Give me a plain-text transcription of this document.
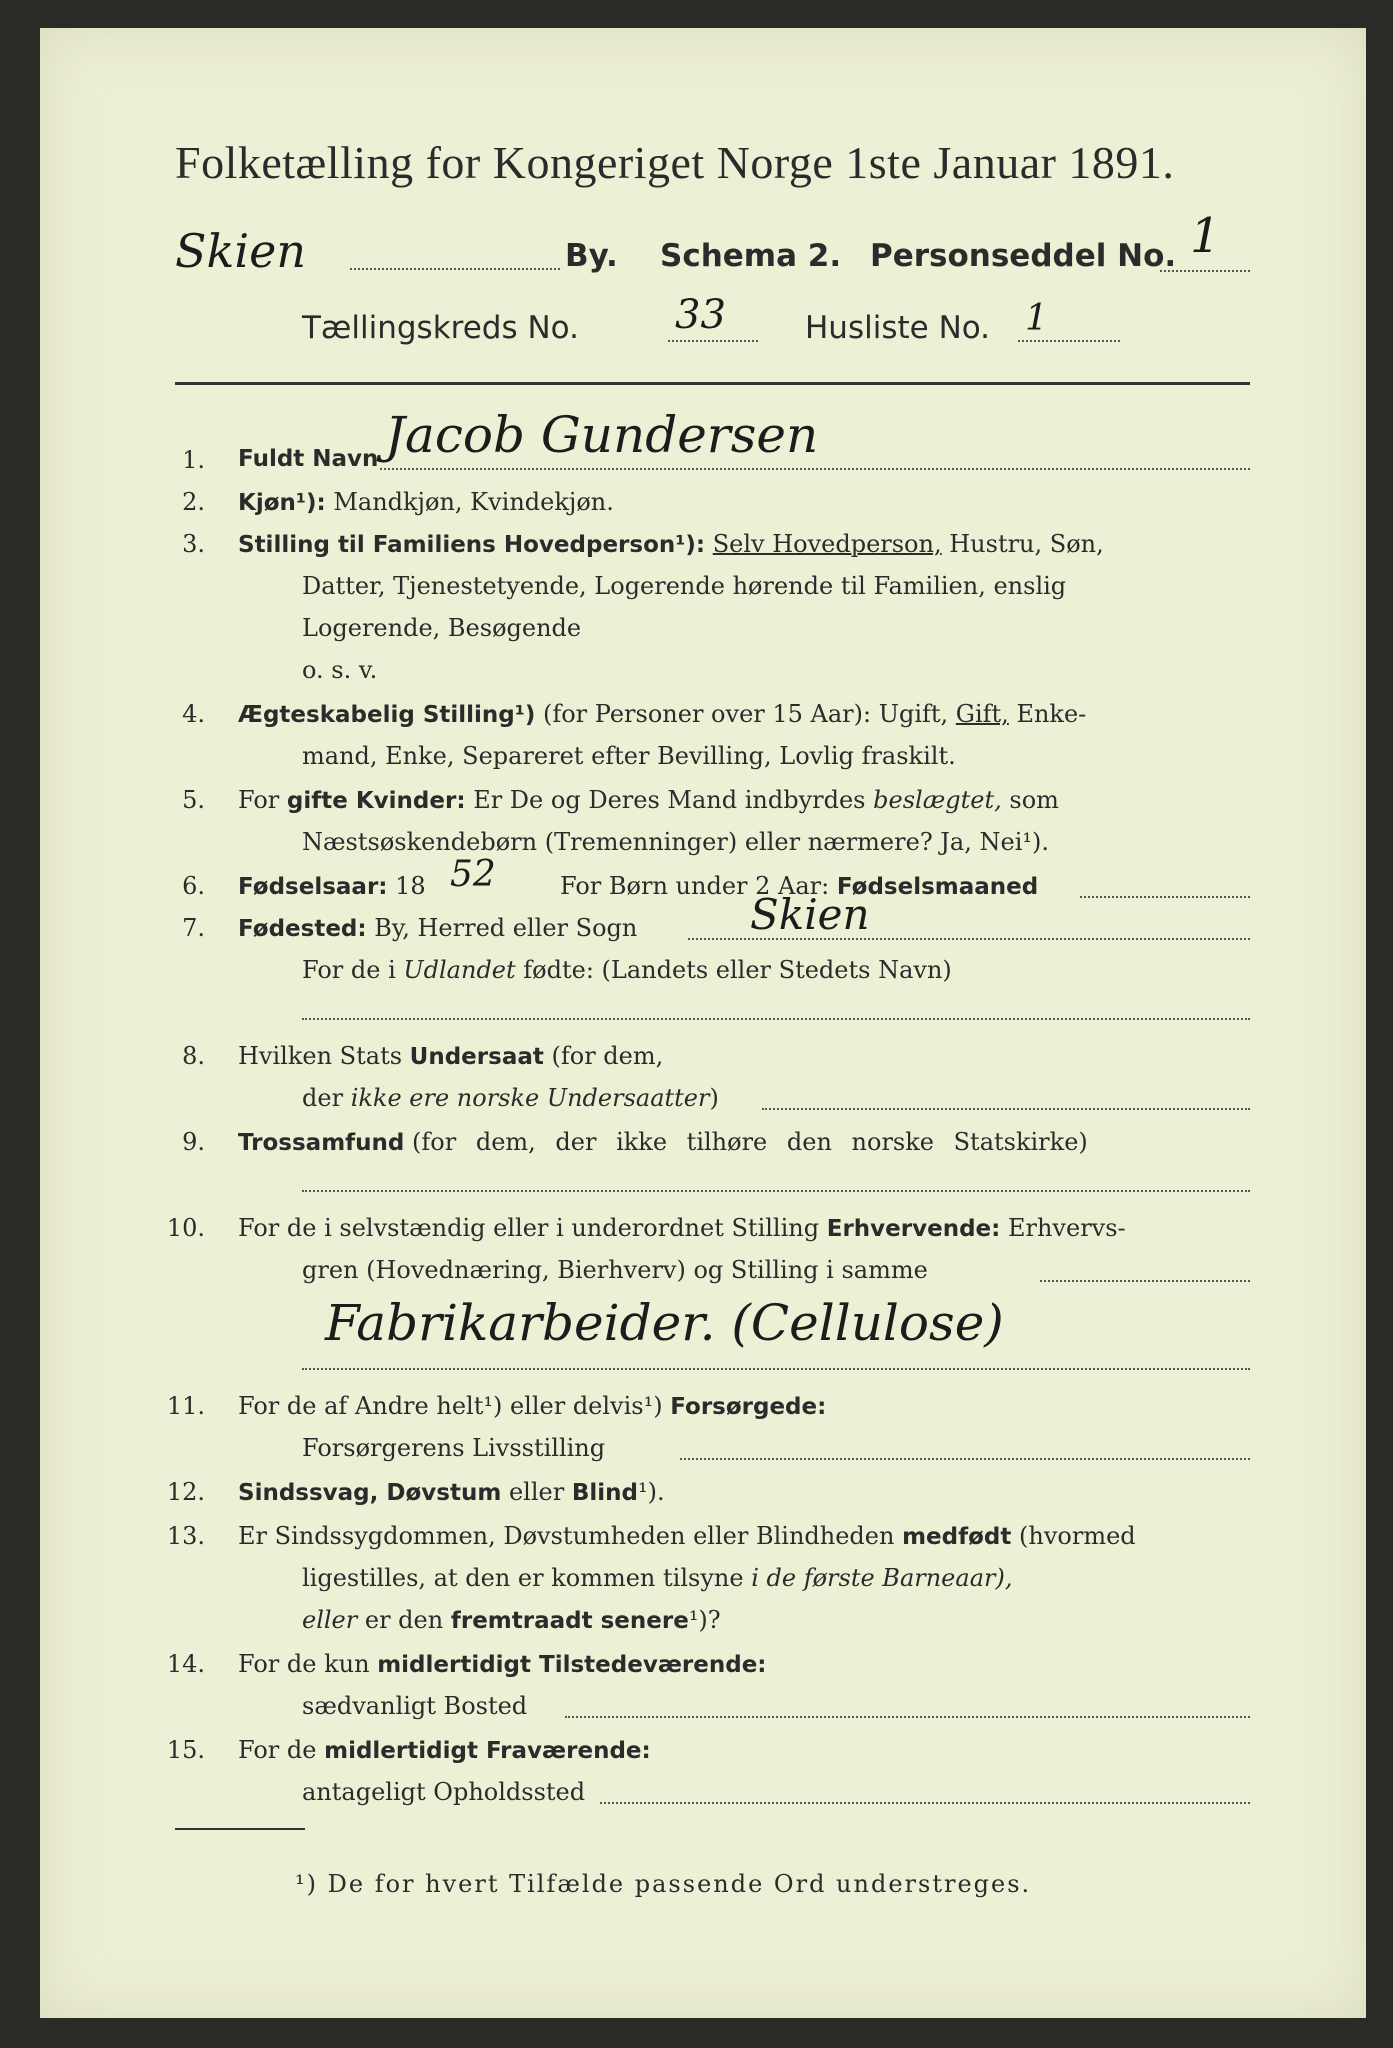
Folketælling for Kongeriget Norge 1ste Januar 1891.
Skien	By. Schema 2. Personseddel No. 1
Tællingskreds No. 33	Husliste No. 1
1. Fuldt Navn Jacob Gundersen
2. Kjøn¹): Mandkjøn, Kvindekjøn.
3. Stilling til Familiens Hovedperson¹): Selv Hovedperson, Hustru, Søn,
Datter, Tjenestetyende, Logerende hørende til Familien, enslig
Logerende, Besøgende
o. s. v.
4. Ægteskabelig Stilling¹) (for Personer over 15 Aar): Ugift, Gift, Enke-
mand, Enke, Separeret efter Bevilling, Lovlig fraskilt.
5. For gifte Kvinder: Er De og Deres Mand indbyrdes beslægtet, som
Næstsøskendebørn (Tremenninger) eller nærmere? Ja, Nei¹).
6. Fødselsaar: 18 52	For Børn under 2 Aar: Fødselsmaaned
7. Fødested: By, Herred eller Sogn	Skien
For de i Udlandet fødte: (Landets eller Stedets Navn)
8. Hvilken Stats Undersaat (for dem,
der ikke ere norske Undersaatter)
9. Trossamfund (for dem, der ikke tilhøre den norske Statskirke)
10. For de i selvstændig eller i underordnet Stilling Erhvervende: Erhvervs-
gren (Hovednæring, Bierhverv) og Stilling i samme
Fabrikarbeider. (Cellulose)
11. For de af Andre helt¹) eller delvis¹) Forsørgede:
Forsørgerens Livsstilling
12. Sindssvag, Døvstum eller Blind¹).
13. Er Sindssygdommen, Døvstumheden eller Blindheden medfødt (hvormed
ligestilles, at den er kommen tilsyne i de første Barneaar),
eller er den fremtraadt senere¹)?
14. For de kun midlertidigt Tilstedeværende:
sædvanligt Bosted
15. For de midlertidigt Fraværende:
antageligt Opholdssted
¹) De for hvert Tilfælde passende Ord understreges.
